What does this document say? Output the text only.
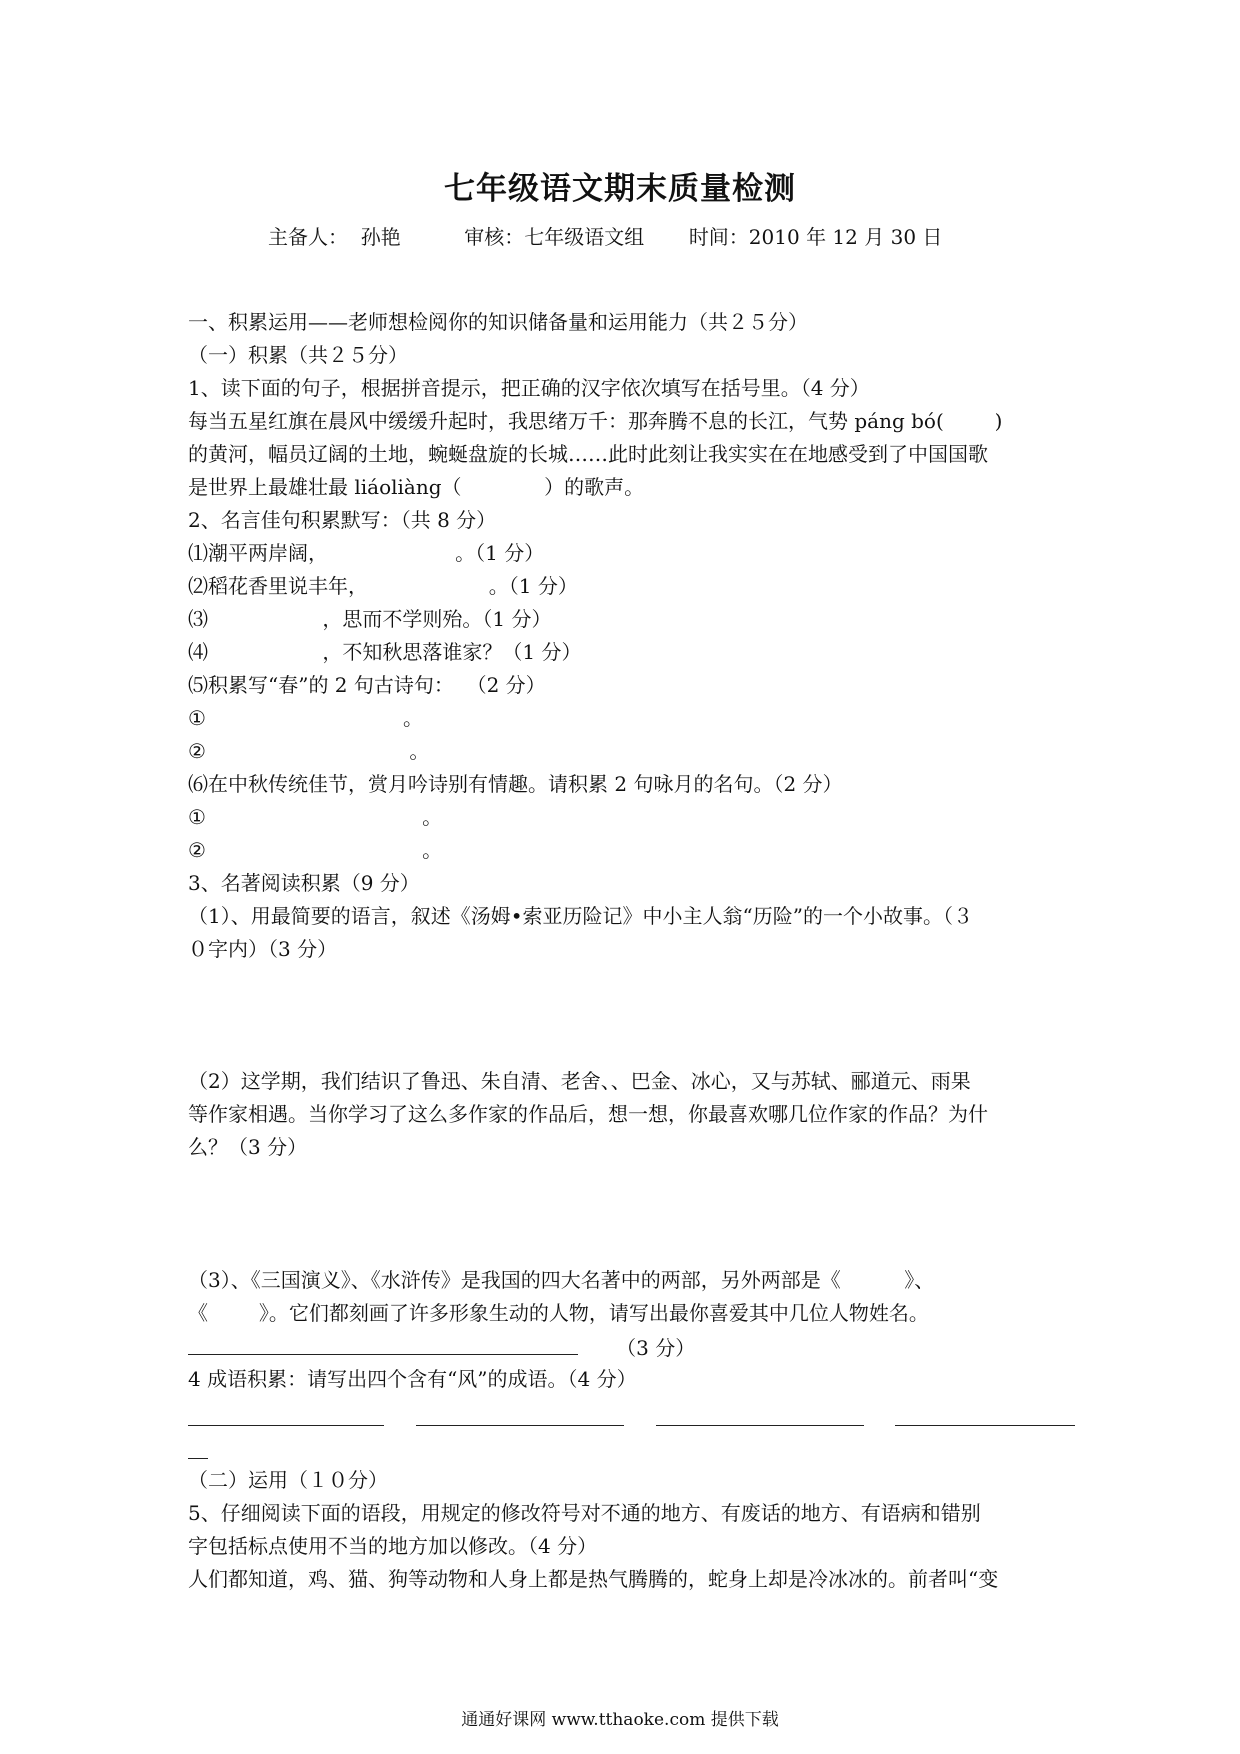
七年级语文期末质量检测
主备人：  孙艳	审核：七年级语文组 时间：2010 年 12 月 30 日
一、积累运用——老师想检阅你的知识储备量和运用能力（共２５分）
（一）积累（共２５分）
1、读下面的句子，根据拼音提示，把正确的汉字依次填写在括号里。（4 分）
每当五星红旗在晨风中缓缓升起时，我思绪万千：那奔腾不息的长江，气势 páng bó(        )
的黄河，幅员辽阔的土地，蜿蜒盘旋的长城……此时此刻让我实实在在地感受到了中国国歌
是世界上最雄壮最 liáoliàng（             ）的歌声。
2、名言佳句积累默写：（共 8 分）
⑴潮平两岸阔，                    。（1 分）
⑵稻花香里说丰年，                   。（1 分）
⑶                  ，思而不学则殆。（1 分）
⑷                  ，不知秋思落谁家？（1 分）
⑸积累写“春”的 2 句古诗句：  （2 分）
①                               。
②                                。
⑹在中秋传统佳节，赏月吟诗别有情趣。请积累 2 句咏月的名句。（2 分）
①                                  。
②                                  。
3、名著阅读积累（9 分）
（1）、用最简要的语言，叙述《汤姆•索亚历险记》中小主人翁“历险”的一个小故事。（３
０字内）（3 分）
（2）这学期，我们结识了鲁迅、朱自清、老舍、、巴金、冰心，又与苏轼、郦道元、雨果
等作家相遇。当你学习了这么多作家的作品后，想一想，你最喜欢哪几位作家的作品？为什
么？（3 分）
（3）、《三国演义》、《水浒传》是我国的四大名著中的两部，另外两部是《          》、
《        》。它们都刻画了许多形象生动的人物，请写出最你喜爱其中几位人物姓名。
（3 分）
4 成语积累：请写出四个含有“风”的成语。（4 分）

（二）运用（１０分）
5、仔细阅读下面的语段，用规定的修改符号对不通的地方、有废话的地方、有语病和错别
字包括标点使用不当的地方加以修改。（4 分）
人们都知道，鸡、猫、狗等动物和人身上都是热气腾腾的，蛇身上却是冷冰冰的。前者叫“变
通通好课网 www.tthaoke.com 提供下载
